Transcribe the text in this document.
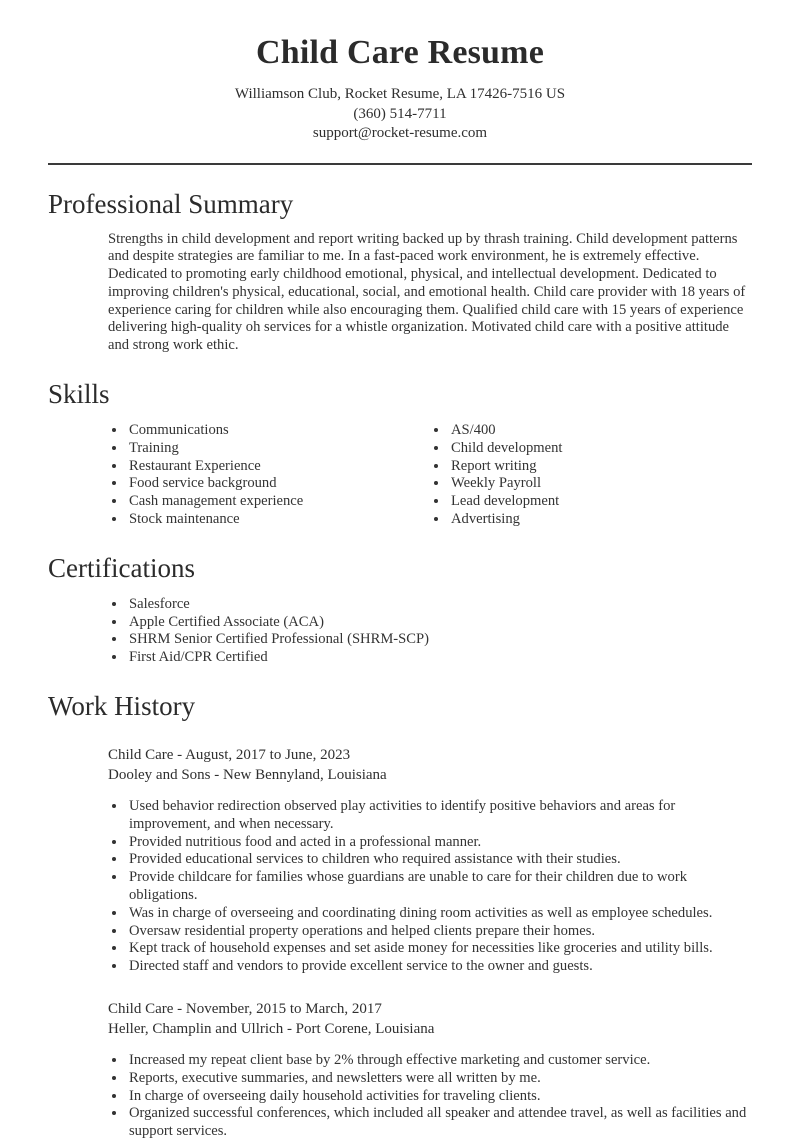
Child Care Resume
Williamson Club, Rocket Resume, LA 17426-7516 US
(360) 514-7711
support@rocket-resume.com
Professional Summary

Strengths in child development and report writing backed up by thrash training. Child development patterns and despite strategies are familiar to me. In a fast-paced work environment, he is extremely effective. Dedicated to promoting early childhood emotional, physical, and intellectual development. Dedicated to improving children's physical, educational, social, and emotional health. Child care provider with 18 years of experience caring for children while also encouraging them. Qualified child care with 15 years of experience delivering high-quality oh services for a whistle organization. Motivated child care with a positive attitude and strong work ethic.

Skills
• Communications
• Training
• Restaurant Experience
• Food service background
• Cash management experience
• Stock maintenance
• AS/400
• Child development
• Report writing
• Weekly Payroll
• Lead development
• Advertising
Certifications
• Salesforce
• Apple Certified Associate (ACA)
• SHRM Senior Certified Professional (SHRM-SCP)
• First Aid/CPR Certified
Work History
Child Care - August, 2017 to June, 2023
Dooley and Sons - New Bennyland, Louisiana
• Used behavior redirection observed play activities to identify positive behaviors and areas for improvement, and when necessary.
• Provided nutritious food and acted in a professional manner.
• Provided educational services to children who required assistance with their studies.
• Provide childcare for families whose guardians are unable to care for their children due to work obligations.
• Was in charge of overseeing and coordinating dining room activities as well as employee schedules.
• Oversaw residential property operations and helped clients prepare their homes.
• Kept track of household expenses and set aside money for necessities like groceries and utility bills.
• Directed staff and vendors to provide excellent service to the owner and guests.
Child Care - November, 2015 to March, 2017
Heller, Champlin and Ullrich - Port Corene, Louisiana
• Increased my repeat client base by 2% through effective marketing and customer service.
• Reports, executive summaries, and newsletters were all written by me.
• In charge of overseeing daily household activities for traveling clients.
• Organized successful conferences, which included all speaker and attendee travel, as well as facilities and support services.
